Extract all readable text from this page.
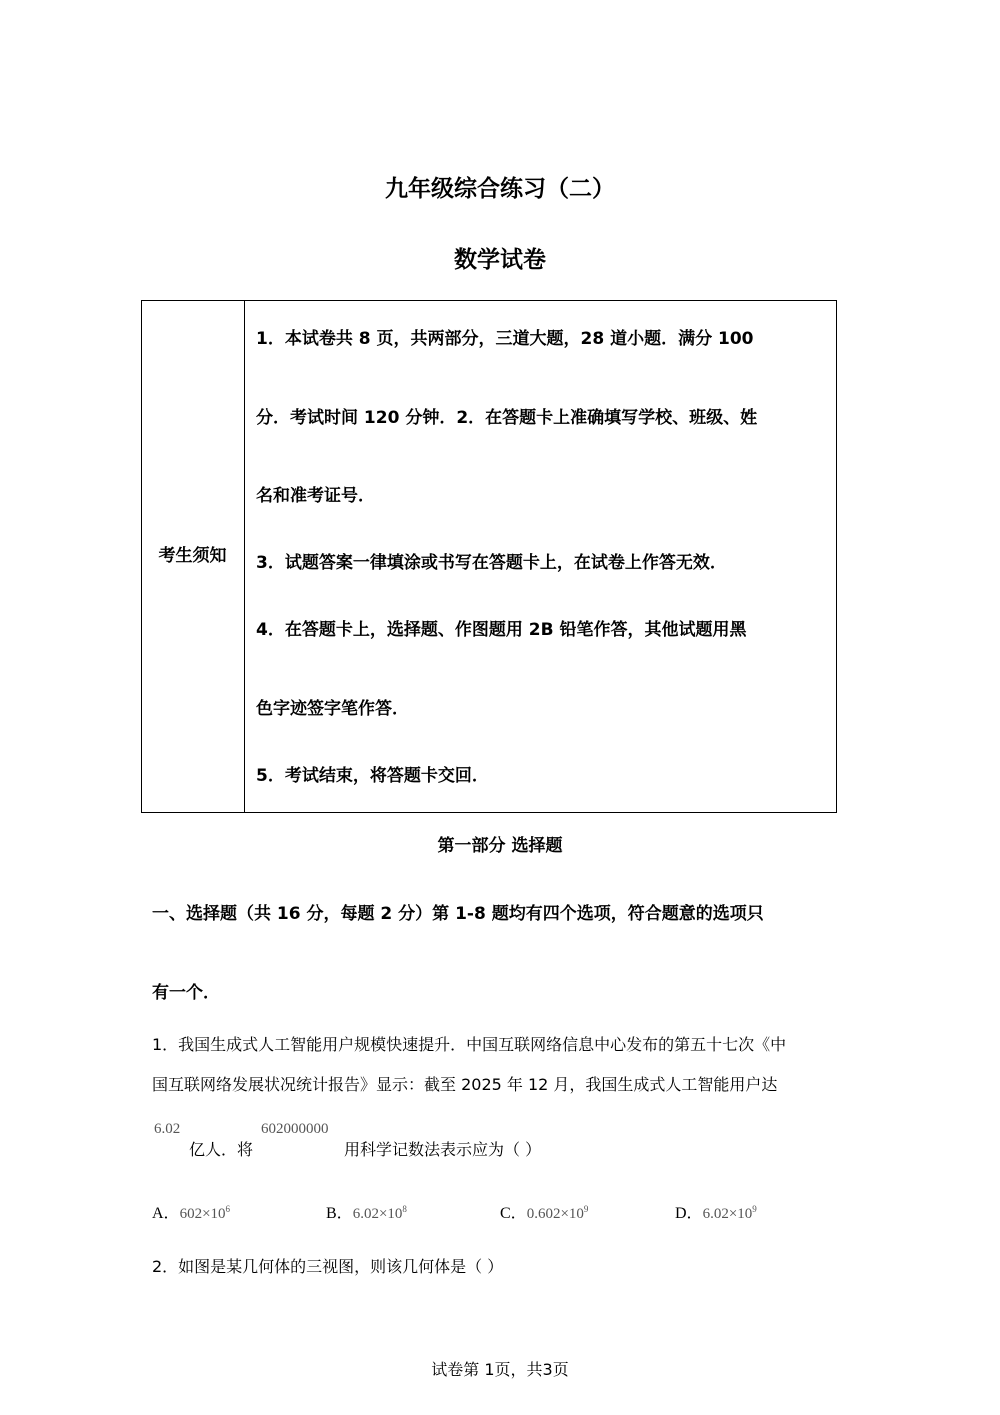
九年级综合练习（二）
数学试卷
考生须知
1．本试卷共 8 页，共两部分，三道大题，28 道小题．满分 100
分．考试时间 120 分钟．2．在答题卡上准确填写学校、班级、姓
名和准考证号．
3．试题答案一律填涂或书写在答题卡上，在试卷上作答无效．
4．在答题卡上，选择题、作图题用 2B 铅笔作答，其他试题用黑
色字迹签字笔作答．
5．考试结束，将答题卡交回．
第一部分 选择题
一、选择题（共 16 分，每题 2 分）第 1-8 题均有四个选项，符合题意的选项只
有一个．
1．我国生成式人工智能用户规模快速提升．中国互联网络信息中心发布的第五十七次《中
国互联网络发展状况统计报告》显示：截至 2025 年 12 月，我国生成式人工智能用户达
6.02
亿人．将
602000000
用科学记数法表示应为（ ）
A．$602\times 10^6$	B．$6.02\times 10^8$	C．$0.602\times 10^9$	D．$6.02\times 10^9$
2．如图是某几何体的三视图，则该几何体是（ ）
试卷第 1页，共3页
